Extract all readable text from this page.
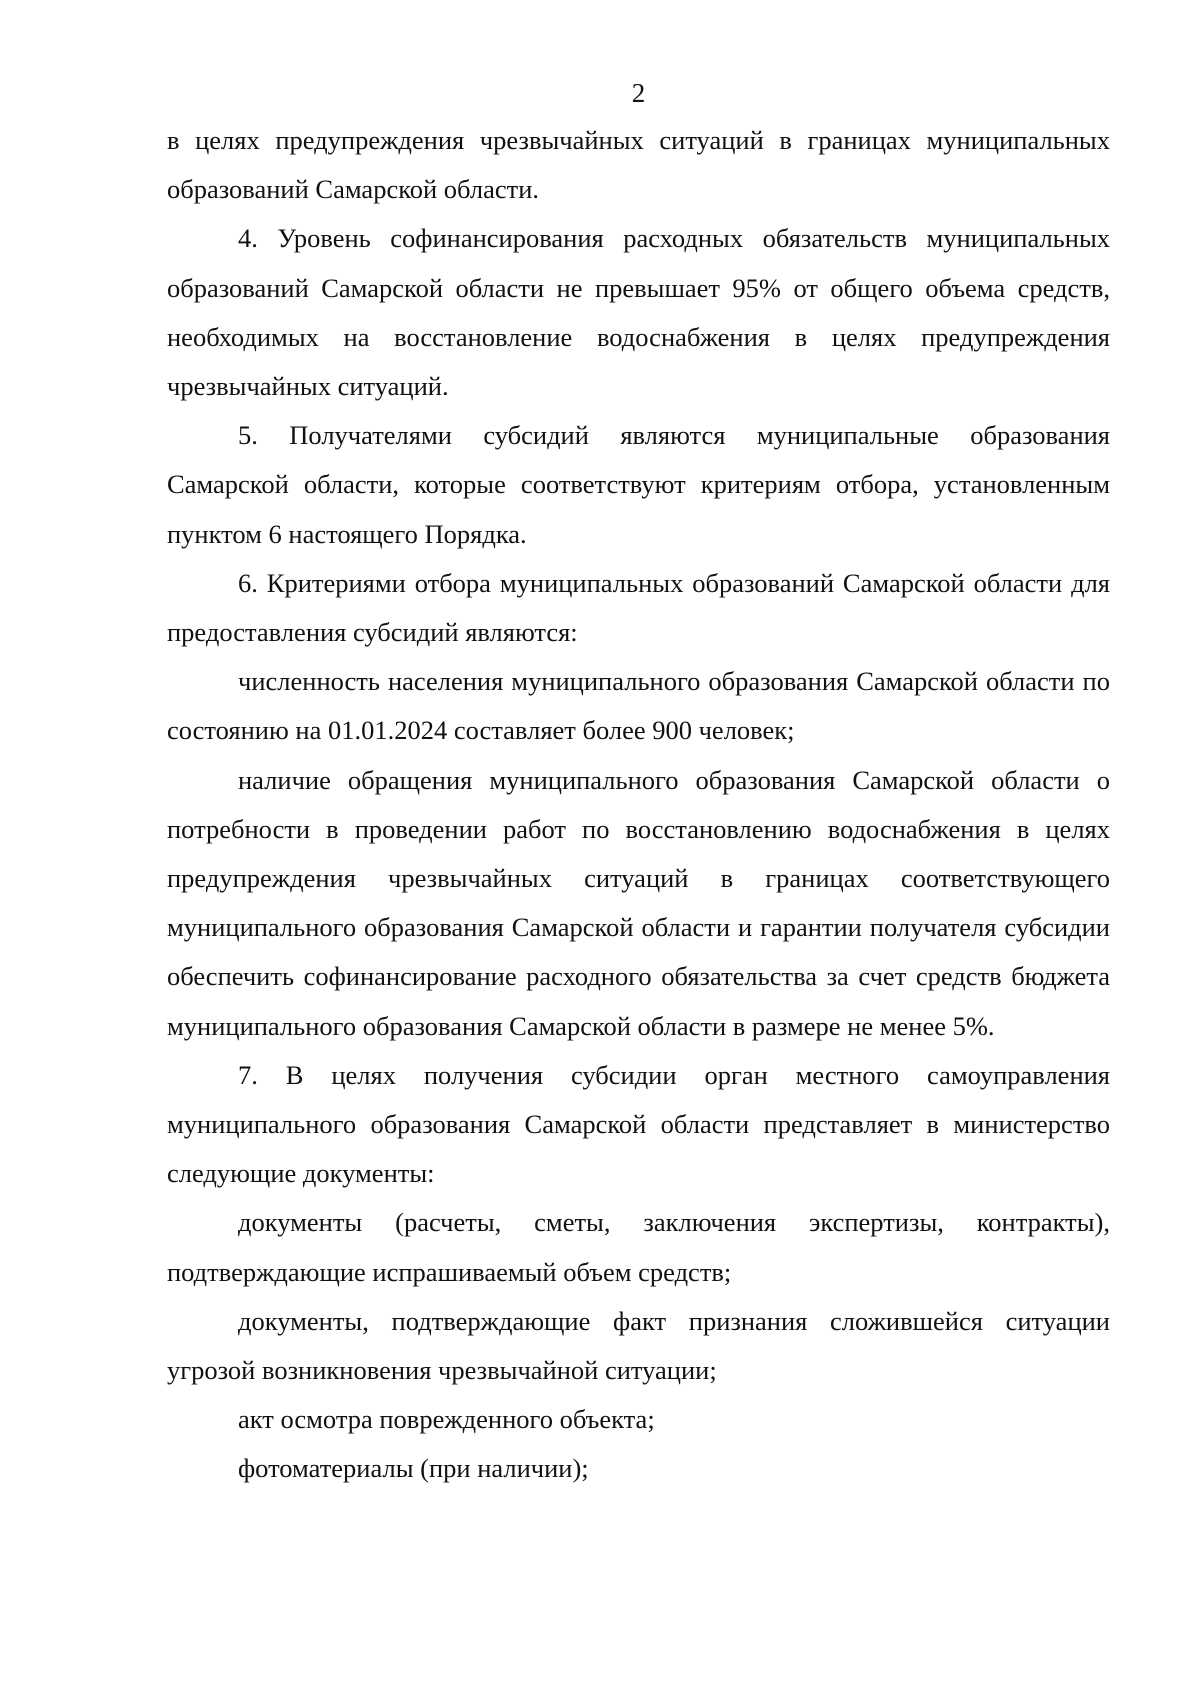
2

в целях предупреждения чрезвычайных ситуаций в границах муниципальных образований Самарской области.

4. Уровень софинансирования расходных обязательств муниципальных образований Самарской области не превышает 95% от общего объема средств, необходимых на восстановление водоснабжения в целях предупреждения чрезвычайных ситуаций.

5. Получателями субсидий являются муниципальные образования Самарской области, которые соответствуют критериям отбора, установленным пунктом 6 настоящего Порядка.

6. Критериями отбора муниципальных образований Самарской области для предоставления субсидий являются:

численность населения муниципального образования Самарской области по состоянию на 01.01.2024 составляет более 900 человек;

наличие обращения муниципального образования Самарской области о потребности в проведении работ по восстановлению водоснабжения в целях предупреждения чрезвычайных ситуаций в границах соответствующего муниципального образования Самарской области и гарантии получателя субсидии обеспечить софинансирование расходного обязательства за счет средств бюджета муниципального образования Самарской области в размере не менее 5%.

7. В целях получения субсидии орган местного самоуправления муниципального образования Самарской области представляет в министерство следующие документы:

документы (расчеты, сметы, заключения экспертизы, контракты), подтверждающие испрашиваемый объем средств;

документы, подтверждающие факт признания сложившейся ситуации угрозой возникновения чрезвычайной ситуации;

акт осмотра поврежденного объекта;

фотоматериалы (при наличии);
